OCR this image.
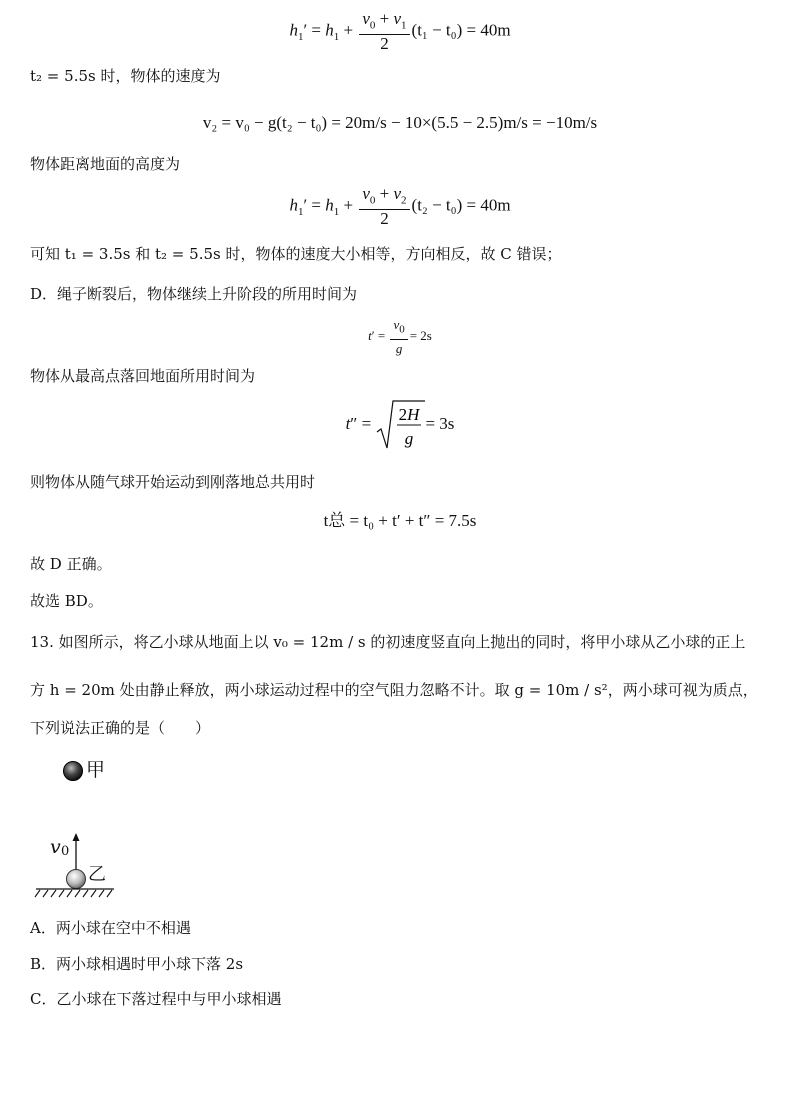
$h_1' = h_1 + \frac{v_0 + v_1}{2} (t_1 - t_0) = 40m$
t₂ = 5.5s 时，物体的速度为
v₂ = v₀ − g(t₂ − t₀) = 20m/s − 10×(5.5 − 2.5)m/s = −10m/s
物体距离地面的高度为
$h_1' = h_1 + \frac{v_0 + v_2}{2} (t_2 - t_0) = 40m$
可知 t₁ = 3.5s 和 t₂ = 5.5s 时，物体的速度大小相等，方向相反，故 C 错误；
D．绳子断裂后，物体继续上升阶段的所用时间为
$t' = \frac{v_0}{g} = 2s$
物体从最高点落回地面所用时间为
t″ = 2H
g
= 3s
则物体从随气球开始运动到刚落地总共用时
t总 = t₀ + t′ + t″ = 7.5s
故 D 正确。
故选 BD。
13. 如图所示，将乙小球从地面上以 v₀ = 12m / s 的初速度竖直向上抛出的同时，将甲小球从乙小球的正上
方 h = 20m 处由静止释放，两小球运动过程中的空气阻力忽略不计。取 g = 10m / s²，两小球可视为质点，
下列说法正确的是（　　）
甲
v 0
乙
A．两小球在空中不相遇
B．两小球相遇时甲小球下落 2s
C．乙小球在下落过程中与甲小球相遇
